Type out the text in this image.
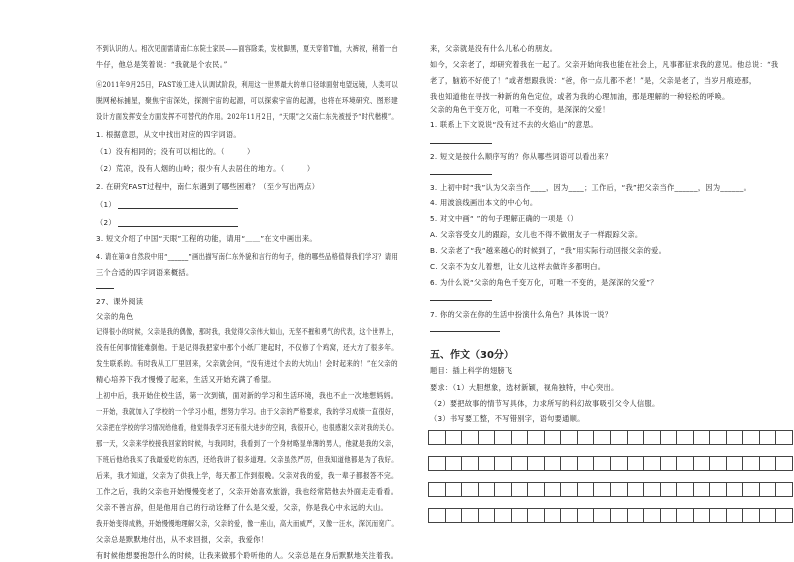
不到认识的人。相次见面需请南仁东院士家民——面容除柔，发枕脚黑，夏天穿着T恤，大裤衩，稍着一台
牛仔，他总是笑着说：“我就是个农民。”
⑥2011年9月25日，FAST竣工进入认调试阶段，利用这一世界最大的单口径球面射电望远镜，人类可以
脱网秘标捕星，聚焦宇宙深处，探测宇宙的起源，可以探索宇宙的起源，也将在环境研究、图形建
设计方面发挥安全方面发挥不可替代的作用。202年11月2日，“天眼”之父南仁东先被授予“时代楷模”。
1. 根据意思，从文中找出对应的四字词语。
（1）没有相同的；没有可以相比的。（　　　）
（2）荒凉，没有人烟的山岭；很少有人去居住的地方。（　　　）
2. 在研究FAST过程中，南仁东遇到了哪些困难？（至少写出两点）
（1）
（2）
3. 短文介绍了中国“天眼”工程的功能，请用“＿＿”在文中画出来。
4. 请在第③自然段中用“______”画出描写南仁东外貌和言行的句子，他的哪些品格值得我们学习？请用
三个合适的四字词语来概括。
27、课外阅读
父亲的角色
记得很小的时候，父亲是我的偶像，那时我，我觉得父亲伟大如山，无坚不摧和勇气的代表，这个世界上，
没有任何事情能难倒他。于是记得我把家中那个小纸厂建起时，不仅修了个鸡窝，还大方了很多年。
发生联系的。有时我从工厂里回来，父亲就会问，“没有进过个去的大坑山！会时起来的！”在父亲的
精心培养下我才慢慢了起来，生活又开始充满了希望。
上初中后，我开始住校生活，第一次到镇，面对新的学习和生活环境，我也不止一次地想妈妈。
一开始，我就加入了学校的一个学习小组，想努力学习。由于父亲的严格要求，我的学习成绩一直很好，
父亲把在学校的学习情况给他看，他觉得我学习还有很大进步的空间，我很开心，也很感谢父亲对我的关心。
那一天，父亲来学校接我回家的时候，与我同时，我看到了一个身材略显单薄的男人，他就是我的父亲，
下班后他给我买了我最爱吃的东西，还给我讲了很多道理。父亲虽然严厉，但我知道他都是为了我好。
后来，我才知道，父亲为了供我上学，每天都工作到很晚。父亲对我的爱，我一辈子都报答不完。
工作之后，我的父亲也开始慢慢变老了，父亲开始喜欢旅游，我也经常陪他去外面走走看看。
父亲不善言辞，但是他用自己的行动诠释了什么是父爱，父亲，你是我心中永远的大山。
我开始变得成熟，开始慢慢地理解父亲，父亲的爱，像一座山，高大而威严，又像一汪水，深沉而宽广。
父亲总是默默地付出，从不求回报，父亲，我爱你！
有时候他想要抱怨什么的时候，让我来做那个聆听他的人。父亲总是在身后默默地关注着我。
来，父亲就是没有什么儿私心的朋友。
如今，父亲老了，却研究着我在一起了。父亲开始向我也能在社会上，凡事都征求我的意见。他总说：“我
老了，脑筋不好使了！”或者想跟我说：“爸，你一点儿都不老！”是，父亲是老了，当岁月痕迹那，
我也知道他在寻找一种新的角色定位，或者为我的心理加油，那是理解的一种轻松的呼唤。
父亲的角色干变万化，可唯一不变的，是深深的父爱！
1. 联系上下文说说“没有过不去的火焰山”的意思。
2. 短文是按什么顺序写的？你从哪些词语可以看出来？
3. 上初中时“我”认为父亲当作____，因为____；工作后，“我”把父亲当作______，因为______。
4. 用波浪线画出本文的中心句。
5. 对文中画“ ”的句子理解正确的一项是（）
A. 父亲容受女儿的跟踪，女儿也不得不做朋友子一样跟踪父亲。
B. 父亲老了“我”越来越心的时候到了，“我”用实际行动回报父亲的爱。
C. 父亲不为女儿着想，让女儿这样去做许多都明白。
6. 为什么说“父亲的角色千变万化，可唯一不变的，是深深的父爱”？
7. 你的父亲在你的生活中扮演什么角色？具体说一说？
五、作文（30分）
题目：插上科学的翅膀飞
要求：（1）大胆想象，选材新颖，视角独特，中心突出。
（2）要把故事的情节写具体，力求所写的科幻故事吸引父令人信服。
（3）书写要工整，不写错别字，语句要通顺。
